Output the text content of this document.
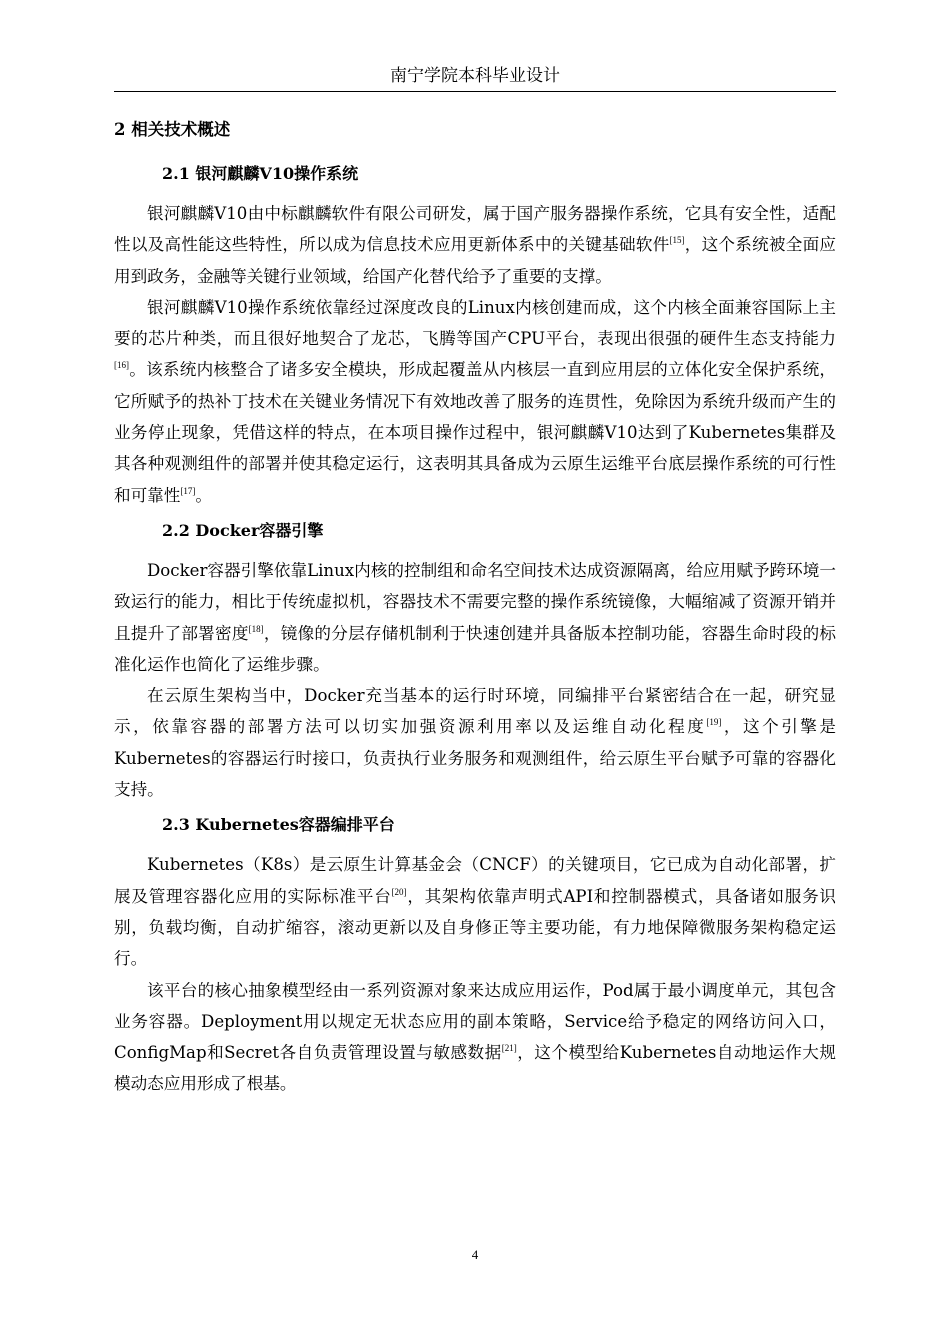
南宁学院本科毕业设计
2 相关技术概述
2.1 银河麒麟V10操作系统

银河麒麟V10由中标麒麟软件有限公司研发，属于国产服务器操作系统，它具有安全性，适配性以及高性能这些特性，所以成为信息技术应用更新体系中的关键基础软件[15]，这个系统被全面应用到政务，金融等关键行业领域，给国产化替代给予了重要的支撑。

银河麒麟V10操作系统依靠经过深度改良的Linux内核创建而成，这个内核全面兼容国际上主要的芯片种类，而且很好地契合了龙芯，飞腾等国产CPU平台，表现出很强的硬件生态支持能力[16]。该系统内核整合了诸多安全模块，形成起覆盖从内核层一直到应用层的立体化安全保护系统，它所赋予的热补丁技术在关键业务情况下有效地改善了服务的连贯性，免除因为系统升级而产生的业务停止现象，凭借这样的特点，在本项目操作过程中，银河麒麟V10达到了Kubernetes集群及其各种观测组件的部署并使其稳定运行，这表明其具备成为云原生运维平台底层操作系统的可行性和可靠性[17]。

2.2 Docker容器引擎

Docker容器引擎依靠Linux内核的控制组和命名空间技术达成资源隔离，给应用赋予跨环境一致运行的能力，相比于传统虚拟机，容器技术不需要完整的操作系统镜像，大幅缩减了资源开销并且提升了部署密度[18]，镜像的分层存储机制利于快速创建并具备版本控制功能，容器生命时段的标准化运作也简化了运维步骤。

在云原生架构当中，Docker充当基本的运行时环境，同编排平台紧密结合在一起，研究显示，依靠容器的部署方法可以切实加强资源利用率以及运维自动化程度[19]，这个引擎是Kubernetes的容器运行时接口，负责执行业务服务和观测组件，给云原生平台赋予可靠的容器化支持。

2.3 Kubernetes容器编排平台

Kubernetes（K8s）是云原生计算基金会（CNCF）的关键项目，它已成为自动化部署，扩展及管理容器化应用的实际标准平台[20]，其架构依靠声明式API和控制器模式，具备诸如服务识别，负载均衡，自动扩缩容，滚动更新以及自身修正等主要功能，有力地保障微服务架构稳定运行。

该平台的核心抽象模型经由一系列资源对象来达成应用运作，Pod属于最小调度单元，其包含业务容器。Deployment用以规定无状态应用的副本策略，Service给予稳定的网络访问入口，ConfigMap和Secret各自负责管理设置与敏感数据[21]，这个模型给Kubernetes自动地运作大规模动态应用形成了根基。

4
